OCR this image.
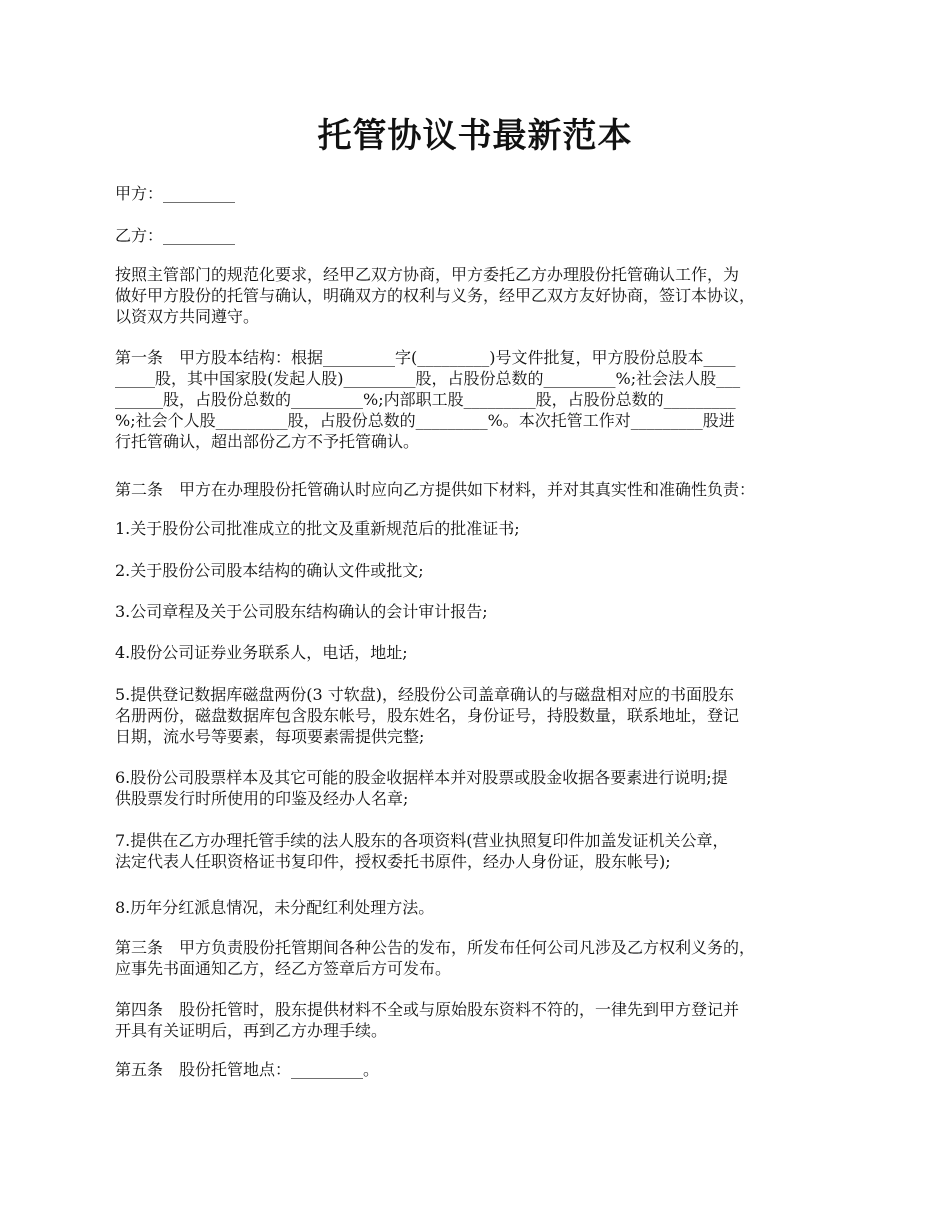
托管协议书最新范本

甲方：_________

乙方：_________

按照主管部门的规范化要求，经甲乙双方协商，甲方委托乙方办理股份托管确认工作，为
做好甲方股份的托管与确认，明确双方的权利与义务，经甲乙双方友好协商，签订本协议，
以资双方共同遵守。

第一条　甲方股本结构：根据_________字(_________)号文件批复，甲方股份总股本____
_____股，其中国家股(发起人股)_________股，占股份总数的_________%;社会法人股___
______股，占股份总数的_________%;内部职工股_________股，占股份总数的_________
%;社会个人股_________股，占股份总数的_________%。本次托管工作对_________股进
行托管确认，超出部份乙方不予托管确认。

第二条　甲方在办理股份托管确认时应向乙方提供如下材料，并对其真实性和准确性负责：

1.关于股份公司批准成立的批文及重新规范后的批准证书;

2.关于股份公司股本结构的确认文件或批文;

3.公司章程及关于公司股东结构确认的会计审计报告;

4.股份公司证券业务联系人，电话，地址;

5.提供登记数据库磁盘两份(3 寸软盘)，经股份公司盖章确认的与磁盘相对应的书面股东
名册两份，磁盘数据库包含股东帐号，股东姓名，身份证号，持股数量，联系地址，登记
日期，流水号等要素，每项要素需提供完整;

6.股份公司股票样本及其它可能的股金收据样本并对股票或股金收据各要素进行说明;提
供股票发行时所使用的印鉴及经办人名章;

7.提供在乙方办理托管手续的法人股东的各项资料(营业执照复印件加盖发证机关公章，
法定代表人任职资格证书复印件，授权委托书原件，经办人身份证，股东帐号);

8.历年分红派息情况，未分配红利处理方法。

第三条　甲方负责股份托管期间各种公告的发布，所发布任何公司凡涉及乙方权利义务的，
应事先书面通知乙方，经乙方签章后方可发布。

第四条　股份托管时，股东提供材料不全或与原始股东资料不符的，一律先到甲方登记并
开具有关证明后，再到乙方办理手续。

第五条　股份托管地点：_________。
